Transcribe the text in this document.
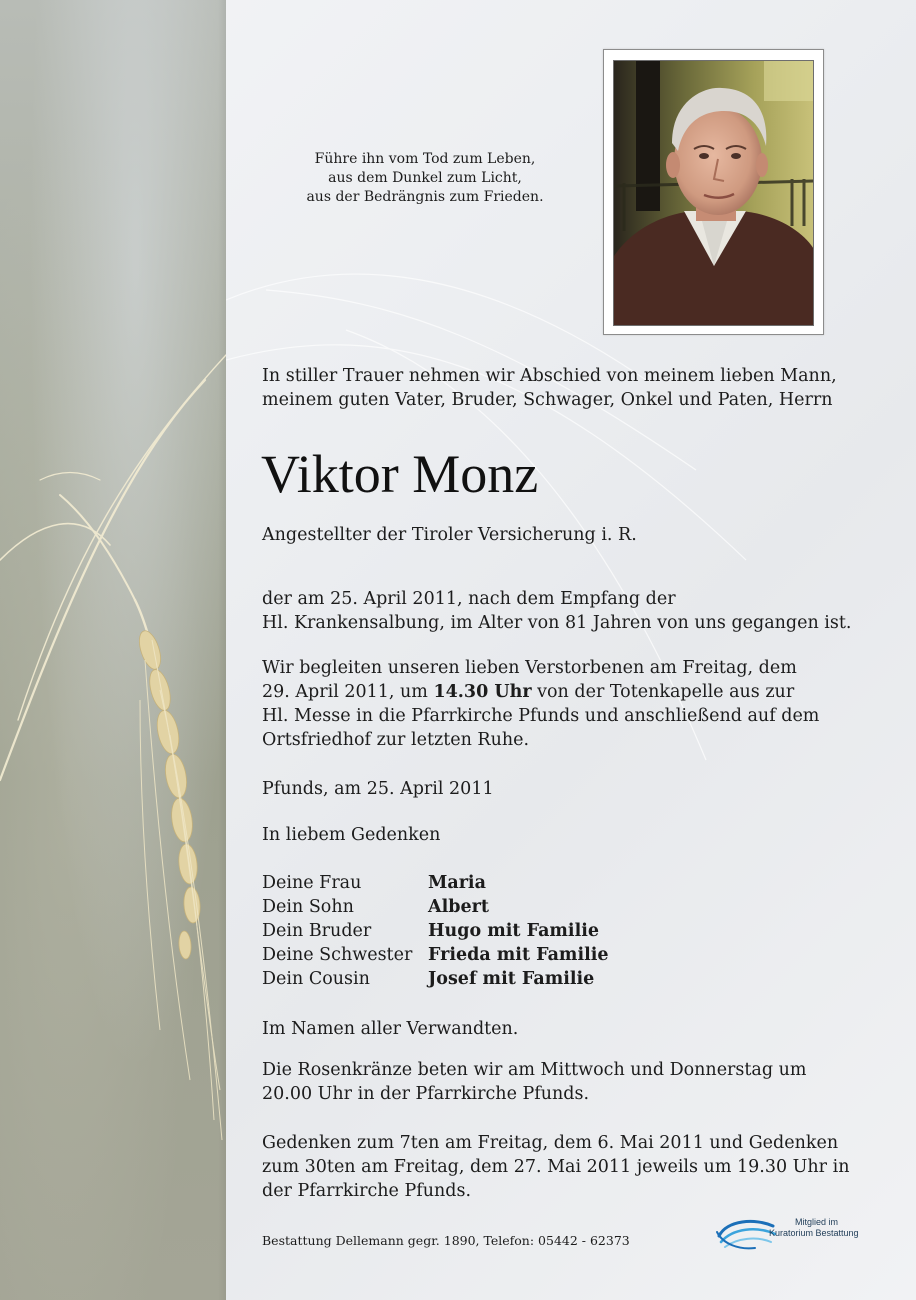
Führe ihn vom Tod zum Leben,
aus dem Dunkel zum Licht,
aus der Bedrängnis zum Frieden.
In stiller Trauer nehmen wir Abschied von meinem lieben Mann,
meinem guten Vater, Bruder, Schwager, Onkel und Paten, Herrn
Viktor Monz
Angestellter der Tiroler Versicherung i. R.
der am 25. April 2011, nach dem Empfang der
Hl. Krankensalbung, im Alter von 81 Jahren von uns gegangen ist.
Wir begleiten unseren lieben Verstorbenen am Freitag, dem
29. April 2011, um 14.30 Uhr von der Totenkapelle aus zur
Hl. Messe in die Pfarrkirche Pfunds und anschließend auf dem
Ortsfriedhof zur letzten Ruhe.
Pfunds, am 25. April 2011
In liebem Gedenken
Deine Frau	Maria
Dein Sohn	Albert
Dein Bruder	Hugo mit Familie
Deine Schwester	Frieda mit Familie
Dein Cousin	Josef mit Familie
Im Namen aller Verwandten.
Die Rosenkränze beten wir am Mittwoch und Donnerstag um
20.00 Uhr in der Pfarrkirche Pfunds.
Gedenken zum 7ten am Freitag, dem 6. Mai 2011 und Gedenken
zum 30ten am Freitag, dem 27. Mai 2011 jeweils um 19.30 Uhr in
der Pfarrkirche Pfunds.
Bestattung Dellemann gegr. 1890, Telefon: 05442 - 62373
Mitglied im
Kuratorium Bestattung
